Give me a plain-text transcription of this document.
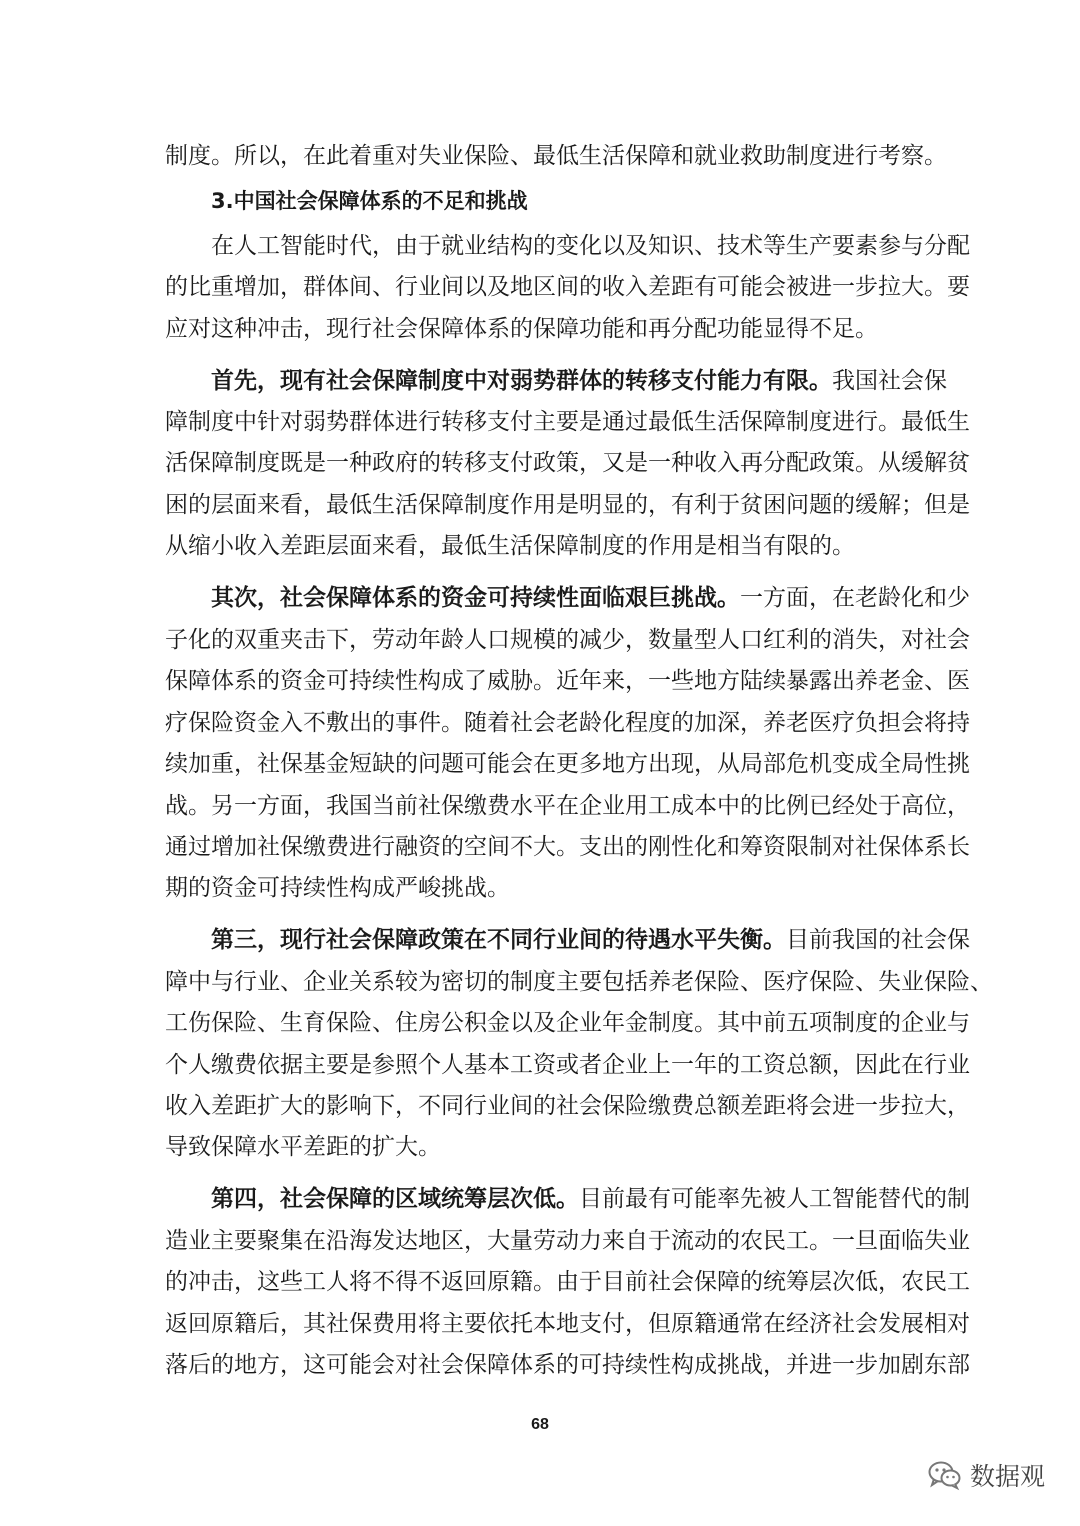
制度。所以，在此着重对失业保险、最低生活保障和就业救助制度进行考察。
3.中国社会保障体系的不足和挑战
在人工智能时代，由于就业结构的变化以及知识、技术等生产要素参与分配
的比重增加，群体间、行业间以及地区间的收入差距有可能会被进一步拉大。要
应对这种冲击，现行社会保障体系的保障功能和再分配功能显得不足。
首先，现有社会保障制度中对弱势群体的转移支付能力有限。我国社会保
障制度中针对弱势群体进行转移支付主要是通过最低生活保障制度进行。最低生
活保障制度既是一种政府的转移支付政策，又是一种收入再分配政策。从缓解贫
困的层面来看，最低生活保障制度作用是明显的，有利于贫困问题的缓解；但是
从缩小收入差距层面来看，最低生活保障制度的作用是相当有限的。
其次，社会保障体系的资金可持续性面临艰巨挑战。一方面，在老龄化和少
子化的双重夹击下，劳动年龄人口规模的减少，数量型人口红利的消失，对社会
保障体系的资金可持续性构成了威胁。近年来，一些地方陆续暴露出养老金、医
疗保险资金入不敷出的事件。随着社会老龄化程度的加深，养老医疗负担会将持
续加重，社保基金短缺的问题可能会在更多地方出现，从局部危机变成全局性挑
战。另一方面，我国当前社保缴费水平在企业用工成本中的比例已经处于高位，
通过增加社保缴费进行融资的空间不大。支出的刚性化和筹资限制对社保体系长
期的资金可持续性构成严峻挑战。
第三，现行社会保障政策在不同行业间的待遇水平失衡。目前我国的社会保
障中与行业、企业关系较为密切的制度主要包括养老保险、医疗保险、失业保险、
工伤保险、生育保险、住房公积金以及企业年金制度。其中前五项制度的企业与
个人缴费依据主要是参照个人基本工资或者企业上一年的工资总额，因此在行业
收入差距扩大的影响下，不同行业间的社会保险缴费总额差距将会进一步拉大，
导致保障水平差距的扩大。
第四，社会保障的区域统筹层次低。目前最有可能率先被人工智能替代的制
造业主要聚集在沿海发达地区，大量劳动力来自于流动的农民工。一旦面临失业
的冲击，这些工人将不得不返回原籍。由于目前社会保障的统筹层次低，农民工
返回原籍后，其社保费用将主要依托本地支付，但原籍通常在经济社会发展相对
落后的地方，这可能会对社会保障体系的可持续性构成挑战，并进一步加剧东部
68
数据观
